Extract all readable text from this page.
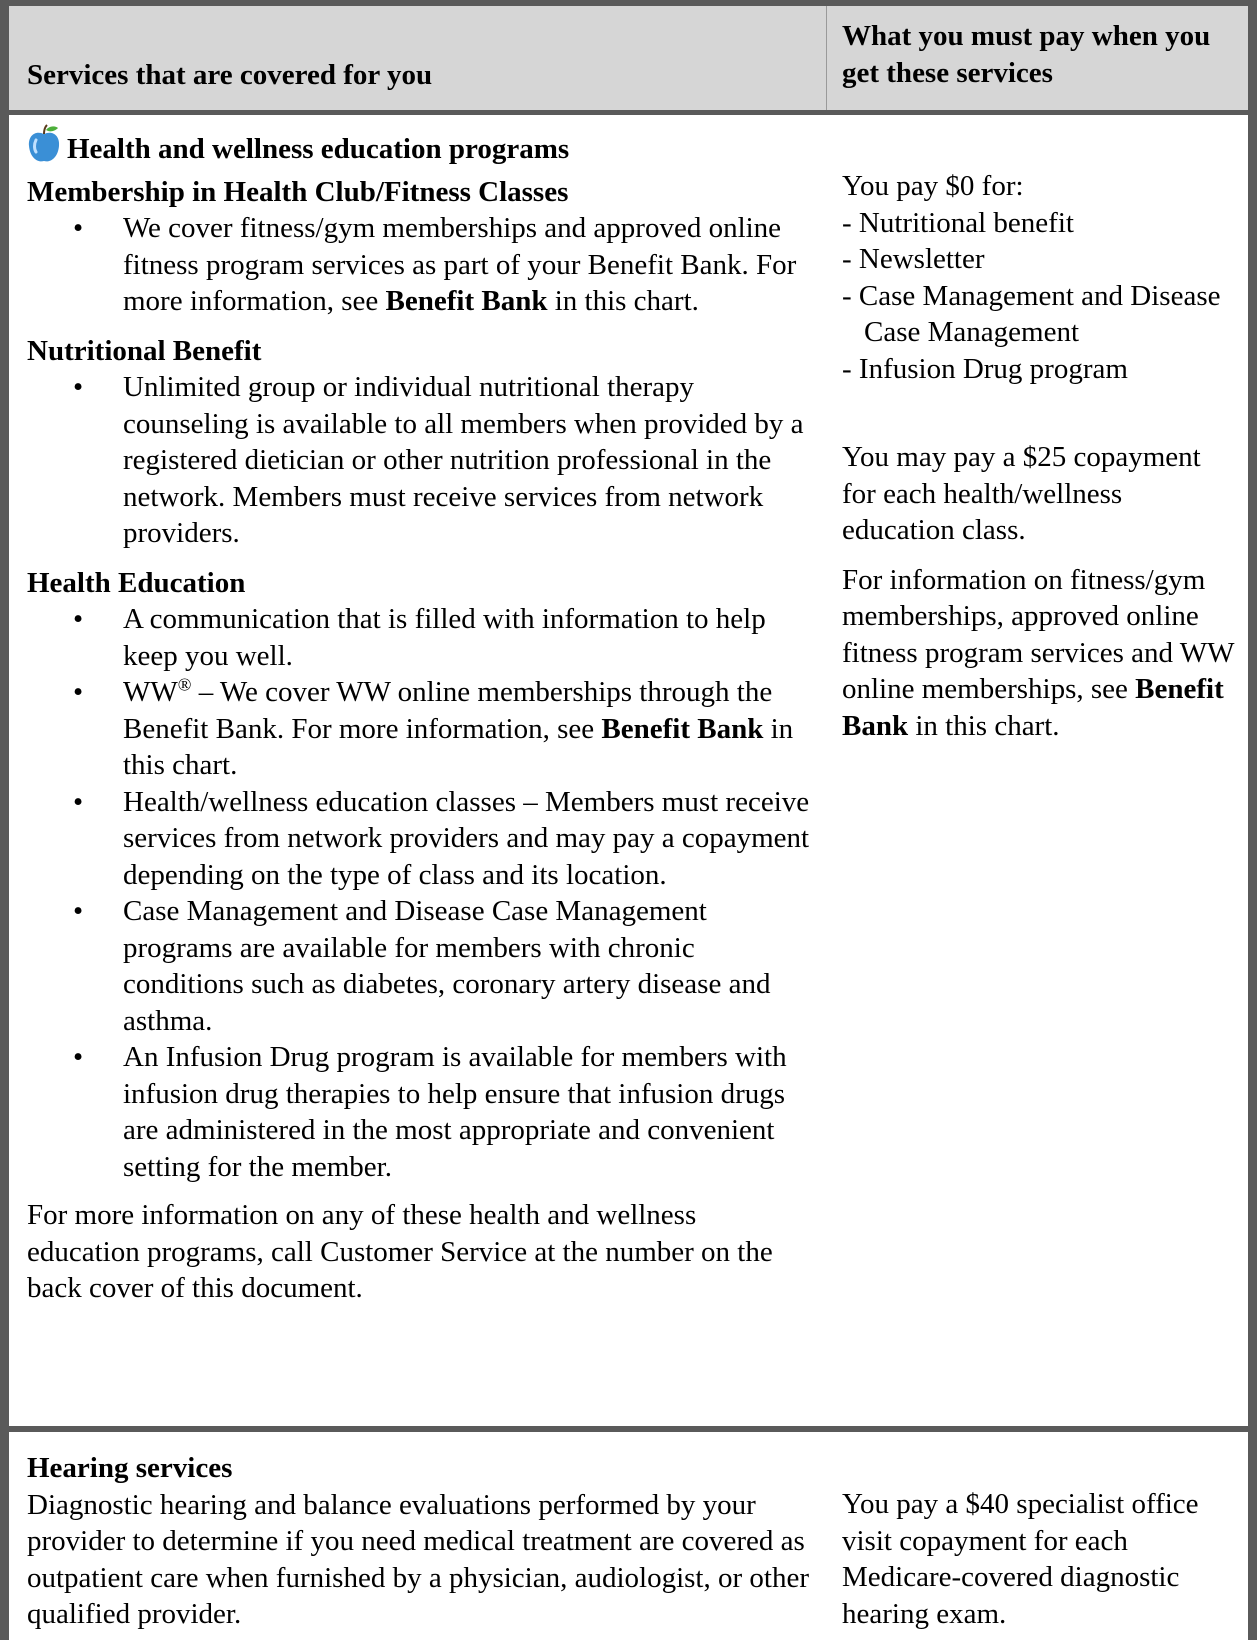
Services that are covered for you
What you must pay when you get these services
Health and wellness education programs
Membership in Health Club/Fitness Classes
• We cover fitness/gym memberships and approved online fitness program services as part of your Benefit Bank. For more information, see Benefit Bank in this chart.
Nutritional Benefit
• Unlimited group or individual nutritional therapy counseling is available to all members when provided by a registered dietician or other nutrition professional in the network. Members must receive services from network providers.
Health Education
• A communication that is filled with information to help keep you well.
• WW® – We cover WW online memberships through the Benefit Bank. For more information, see Benefit Bank in this chart.
• Health/wellness education classes – Members must receive services from network providers and may pay a copayment depending on the type of class and its location.
• Case Management and Disease Case Management programs are available for members with chronic conditions such as diabetes, coronary artery disease and asthma.
• An Infusion Drug program is available for members with infusion drug therapies to help ensure that infusion drugs are administered in the most appropriate and convenient setting for the member.
For more information on any of these health and wellness education programs, call Customer Service at the number on the back cover of this document.
You pay $0 for:
- Nutritional benefit
- Newsletter
- Case Management and Disease Case Management
- Infusion Drug program
You may pay a $25 copayment for each health/wellness education class.
For information on fitness/gym memberships, approved online fitness program services and WW online memberships, see Benefit Bank in this chart.
Hearing services
Diagnostic hearing and balance evaluations performed by your provider to determine if you need medical treatment are covered as outpatient care when furnished by a physician, audiologist, or other qualified provider.
You pay a $40 specialist office visit copayment for each Medicare-covered diagnostic hearing exam.
